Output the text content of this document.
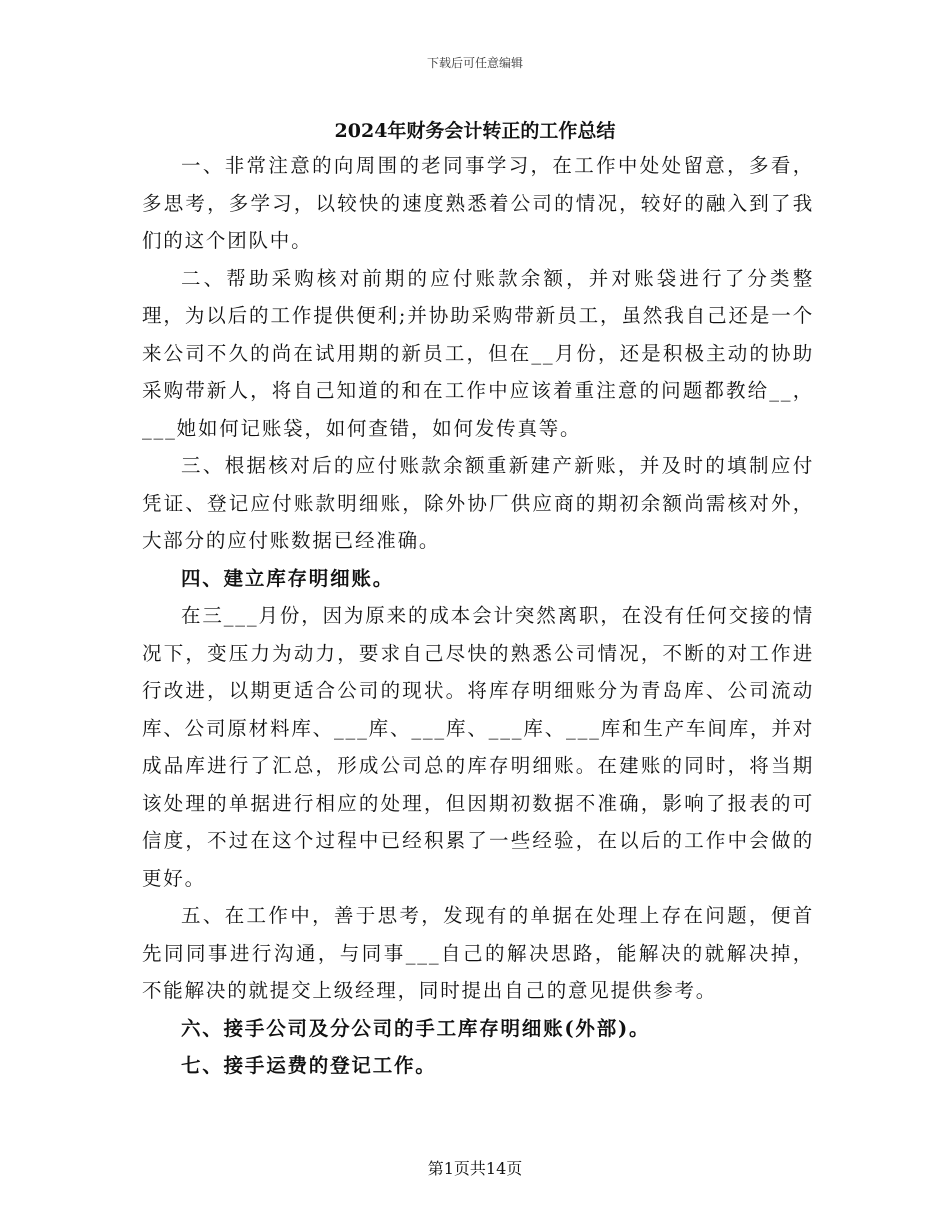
下载后可任意编辑
2024年财务会计转正的工作总结

一、非常注意的向周围的老同事学习，在工作中处处留意，多看，多思考，多学习，以较快的速度熟悉着公司的情况，较好的融入到了我们的这个团队中。

二、帮助采购核对前期的应付账款余额，并对账袋进行了分类整理，为以后的工作提供便利;并协助采购带新员工，虽然我自己还是一个来公司不久的尚在试用期的新员工，但在__月份，还是积极主动的协助采购带新人，将自己知道的和在工作中应该着重注意的问题都教给__，___她如何记账袋，如何查错，如何发传真等。

三、根据核对后的应付账款余额重新建产新账，并及时的填制应付凭证、登记应付账款明细账，除外协厂供应商的期初余额尚需核对外，大部分的应付账数据已经准确。

四、建立库存明细账。

在三___月份，因为原来的成本会计突然离职，在没有任何交接的情况下，变压力为动力，要求自己尽快的熟悉公司情况，不断的对工作进行改进，以期更适合公司的现状。将库存明细账分为青岛库、公司流动库、公司原材料库、___库、___库、___库、___库和生产车间库，并对成品库进行了汇总，形成公司总的库存明细账。在建账的同时，将当期该处理的单据进行相应的处理，但因期初数据不准确，影响了报表的可信度，不过在这个过程中已经积累了一些经验，在以后的工作中会做的更好。

五、在工作中，善于思考，发现有的单据在处理上存在问题，便首先同同事进行沟通，与同事___自己的解决思路，能解决的就解决掉，不能解决的就提交上级经理，同时提出自己的意见提供参考。

六、接手公司及分公司的手工库存明细账(外部)。

七、接手运费的登记工作。

第1页共14页
